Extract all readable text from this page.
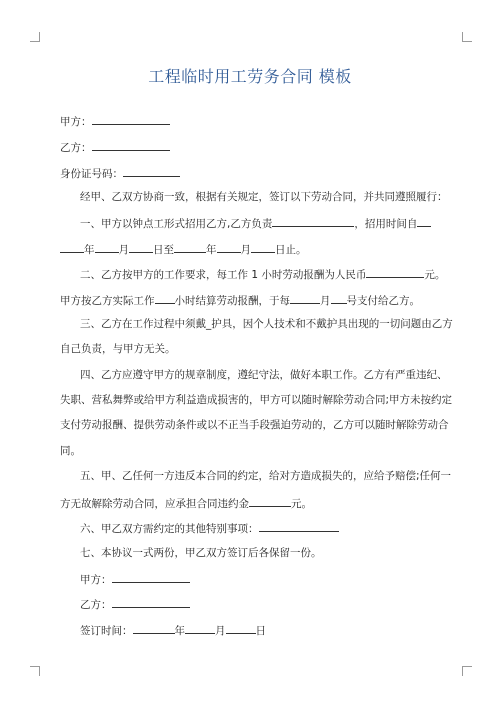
工程临时用工劳务合同 模板
甲方：
乙方：
身份证号码：
经甲、乙双方协商一致，根据有关规定，签订以下劳动合同，并共同遵照履行：
一、甲方以钟点工形式招用乙方,乙方负责	，招用时间自
年 月 日至	年 月 日止。
二、乙方按甲方的工作要求，每工作 1 小时劳动报酬为人民币	元。
甲方按乙方实际工作 小时结算劳动报酬，于每	月 号支付给乙方。
三、乙方在工作过程中须戴_护具，因个人技术和不戴护具出现的一切问题由乙方
自己负责，与甲方无关。
四、乙方应遵守甲方的规章制度，遵纪守法，做好本职工作。乙方有严重违纪、
失职、营私舞弊或给甲方利益造成损害的，甲方可以随时解除劳动合同;甲方未按约定
支付劳动报酬、提供劳动条件或以不正当手段强迫劳动的，乙方可以随时解除劳动合
同。
五、甲、乙任何一方违反本合同的约定，给对方造成损失的，应给予赔偿;任何一
方无故解除劳动合同，应承担合同违约金	元。
六、甲乙双方需约定的其他特别事项：
七、本协议一式两份，甲乙双方签订后各保留一份。
甲方：
乙方：
签订时间：	年	月	日
